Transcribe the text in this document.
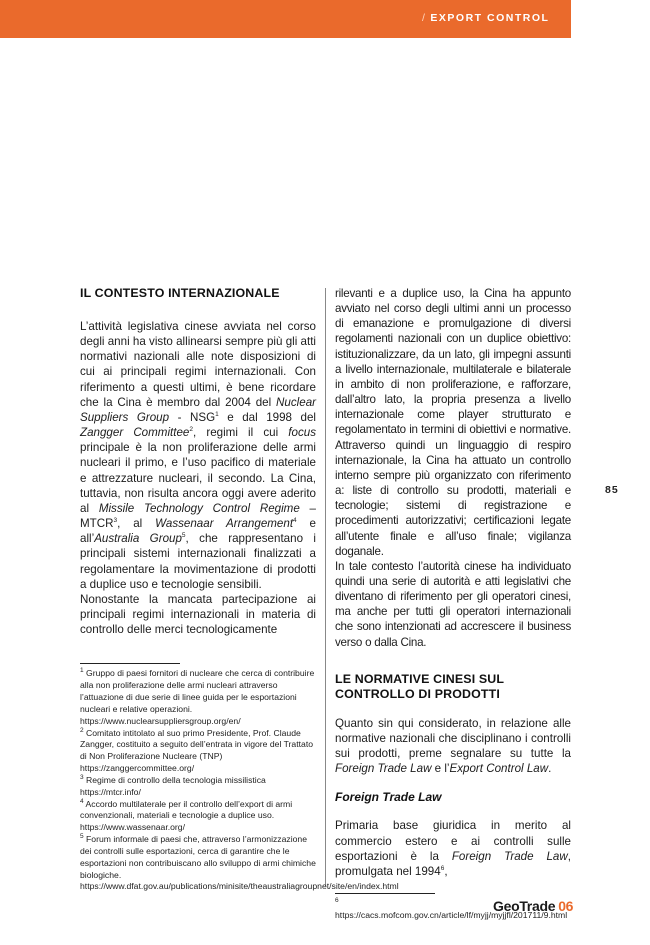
/ EXPORT CONTROL
85
IL CONTESTO INTERNAZIONALE

L’attività legislativa cinese avviata nel corso degli anni ha visto allinearsi sempre più gli atti normativi nazionali alle note disposizioni di cui ai principali regimi internazionali. Con riferimento a questi ultimi, è bene ricordare che la Cina è membro dal 2004 del Nuclear Suppliers Group - NSG$^1$ e dal 1998 del Zangger Committee$^2$, regimi il cui focus principale è la non proliferazione delle armi nucleari il primo, e l’uso pacifico di materiale e attrezzature nucleari, il secondo. La Cina, tuttavia, non risulta ancora oggi avere aderito al Missile Technology Control Regime – MTCR$^3$, al Wassenaar Arrangement$^4$ e all’Australia Group$^5$, che rappresentano i principali sistemi internazionali finalizzati a regolamentare la movimentazione di prodotti a duplice uso e tecnologie sensibili.
Nonostante la mancata partecipazione ai principali regimi internazionali in materia di controllo delle merci tecnologicamente

$^1$ Gruppo di paesi fornitori di nucleare che cerca di contribuire alla non proliferazione delle armi nucleari attraverso l’attuazione di due serie di linee guida per le esportazioni nucleari e relative operazioni. https://www.nuclearsuppliersgroup.org/en/

$^2$ Comitato intitolato al suo primo Presidente, Prof. Claude Zangger, costituito a seguito dell’entrata in vigore del Trattato di Non Proliferazione Nucleare (TNP) https://zanggercommittee.org/

$^3$ Regime di controllo della tecnologia missilistica https://mtcr.info/

$^4$ Accordo multilaterale per il controllo dell’export di armi convenzionali, materiali e tecnologie a duplice uso. https://www.wassenaar.org/

$^5$ Forum informale di paesi che, attraverso l’armonizzazione dei controlli sulle esportazioni, cerca di garantire che le esportazioni non contribuiscano allo sviluppo di armi chimiche biologiche. https://www.dfat.gov.au/publications/minisite/theaustraliagroupnet/site/en/index.html

rilevanti e a duplice uso, la Cina ha appunto avviato nel corso degli ultimi anni un processo di emanazione e promulgazione di diversi regolamenti nazionali con un duplice obiettivo: istituzionalizzare, da un lato, gli impegni assunti a livello internazionale, multilaterale e bilaterale in ambito di non proliferazione, e rafforzare, dall’altro lato, la propria presenza a livello internazionale come player strutturato e regolamentato in termini di obiettivi e normative. Attraverso quindi un linguaggio di respiro internazionale, la Cina ha attuato un controllo interno sempre più organizzato con riferimento a: liste di controllo su prodotti, materiali e tecnologie; sistemi di registrazione e procedimenti autorizzativi; certificazioni legate all’utente finale e all’uso finale; vigilanza doganale.

In tale contesto l’autorità cinese ha individuato quindi una serie di autorità e atti legislativi che diventano di riferimento per gli operatori cinesi, ma anche per tutti gli operatori internazionali che sono intenzionati ad accrescere il business verso o dalla Cina.

LE NORMATIVE CINESI SUL CONTROLLO DI PRODOTTI

Quanto sin qui considerato, in relazione alle normative nazionali che disciplinano i controlli sui prodotti, preme segnalare su tutte la Foreign Trade Law e l’Export Control Law.

Foreign Trade Law

Primaria base giuridica in merito al commercio estero e ai controlli sulle esportazioni è la Foreign Trade Law, promulgata nel 1994$^6$,

$^6$ https://cacs.mofcom.gov.cn/article/lf/myjj/myjjfl/201711/9.html

GeoTrade 06
